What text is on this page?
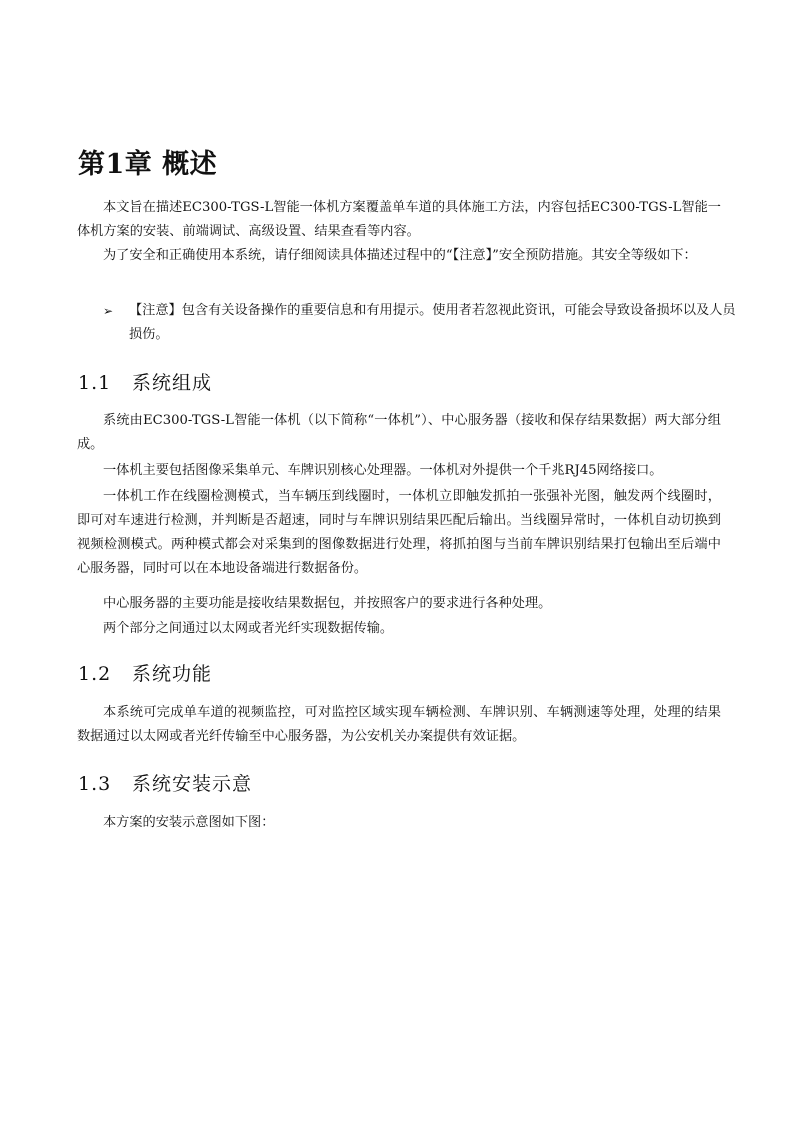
第1章 概述

本文旨在描述EC300-TGS-L智能一体机方案覆盖单车道的具体施工方法，内容包括EC300-TGS-L智能一体机方案的安装、前端调试、高级设置、结果查看等内容。

为了安全和正确使用本系统，请仔细阅读具体描述过程中的“【注意】”安全预防措施。其安全等级如下：

➢	【注意】包含有关设备操作的重要信息和有用提示。使用者若忽视此资讯，可能会导致设备损坏以及人员损伤。
1.1 系统组成

系统由EC300-TGS-L智能一体机（以下简称“一体机”）、中心服务器（接收和保存结果数据）两大部分组成。

一体机主要包括图像采集单元、车牌识别核心处理器。一体机对外提供一个千兆RJ45网络接口。

一体机工作在线圈检测模式，当车辆压到线圈时，一体机立即触发抓拍一张强补光图，触发两个线圈时，即可对车速进行检测，并判断是否超速，同时与车牌识别结果匹配后输出。当线圈异常时，一体机自动切换到视频检测模式。两种模式都会对采集到的图像数据进行处理，将抓拍图与当前车牌识别结果打包输出至后端中心服务器，同时可以在本地设备端进行数据备份。

中心服务器的主要功能是接收结果数据包，并按照客户的要求进行各种处理。

两个部分之间通过以太网或者光纤实现数据传输。

1.2 系统功能

本系统可完成单车道的视频监控，可对监控区域实现车辆检测、车牌识别、车辆测速等处理，处理的结果数据通过以太网或者光纤传输至中心服务器，为公安机关办案提供有效证据。

1.3 系统安装示意

本方案的安装示意图如下图：
